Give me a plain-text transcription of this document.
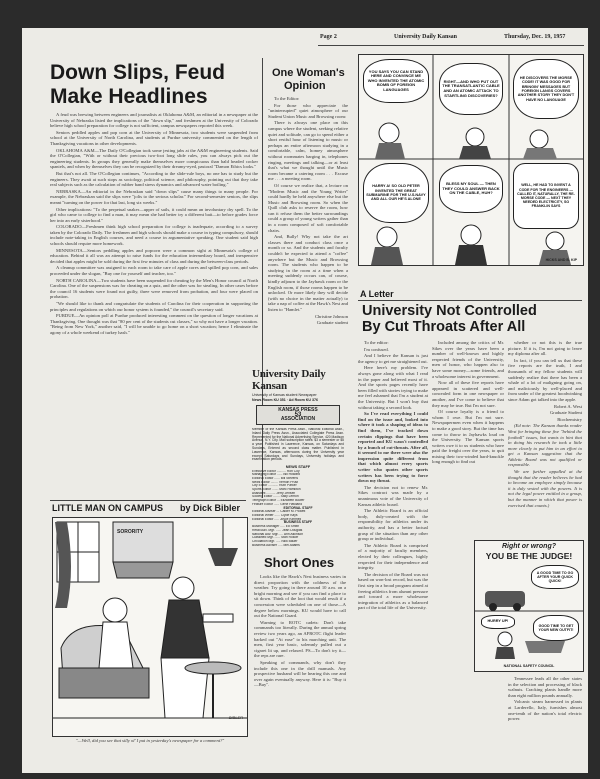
Page 2	University Daily Kansan	Thursday, Dec. 19, 1957
Down Slips, Feud
Make Headlines

A feud was brewing between engineers and journalists at Oklahoma A&M, an editorial in a newspaper at the University of Nebraska listed the implications of the "down slip," and freshmen at the University of Colorado believe high school preparation for college is not sufficient, campus newspapers reported this week.

Seniors peddled apples and pop corn at the University of Minnesota, two students were suspended from school at the University of North Carolina, and students at Purdue university commented on the length of Thanksgiving vacations in other developments.

OKLAHOMA A&M—The Daily O'Collegian took some jesting jabs at the A&M engineering students. Said the O'Collegian, "With or without their precious two-foot long slide rules, you can always pick out the engineering students. In groups they generally make themselves more conspicuous than bald headed cocker spaniels, and when by themselves they can be recognized by their dreamy-eyed, pastoral "Damon Ethics looks."

But that's not all. The O'Collegian continues, "According to the slide-rule boys, no one has to study but the engineers. They await at such stops as sociology, political science, and philosophy, pointing out that they take real subjects such as the calculation of rubber band stress dynamics and advanced water boiling."

NEBRASKA—An editorial in the Nebraskan said "down slips" cause many things to many people. For example, the Nebraskan said the slips were "jolts to the serious scholar." For second-semester seniors, the slips meant "turning on the power for that last, long six weeks."

Other implications: "To the perpetual snaker—upper of sails, it could mean an involuntary dry spell. To the girl who came to college to find a man, it may mean she had better try a different bait—to before grades force her into an early sisterhood."

COLORADO—Freshmen think high school preparation for college is inadequate, according to a survey taken by the Colorado Daily. The freshmen and high schools should make a course in typing compulsory, should include note-taking in English courses, and need a course in argumentative speaking. One student said high schools should require more homework.

MINNESOTA—Seniors peddling apples and popcorn were a common sight at Minnesota's college of education. Behind it all was an attempt to raise funds for the education intermediary board, and inexpensive decided that apples might be sold during the first few minutes of class and during the between-class periods.

A cleanup committee was assigned to each room to take care of apple cores and spilled pop corn, and sales proceeded under the slogan, "Buy one for yourself and teacher, too."

NORTH CAROLINA—Two students have been suspended for cheating by the Men's Honor council at North Carolina. One of the suspensions was for cheating on a quiz, and the other was for stealing. In other cases before the council 16 students were found not guilty, three were removed from probation, and four were placed on probation.

"We should like to thank and congratulate the students of Carolina for their cooperation in supporting the principles and regulations on which our honor system is founded," the council's secretary said.

PURDUE—An opinion poll at Purdue produced interesting comment on the question of longer vacations at Thanksgiving. One thought was that "80 per cent of the students cut classes," so why not have a longer vacation. "Being from New York," another said, "I will be unable to go home on a short vacation; hence I eliminate the agony of a whole weekend of turkey hash."

One Woman's
Opinion

To the Editor:

For those who appreciate the "uninterrupted" quiet atmosphere of our Student Union Music and Browsing room:

There is always one place on this campus where the student, seeking relative quiet and solitude, can go to spend either a short restful hour of listening to music or perhaps an entire afternoon studying in a comfortable, calm, homey atmosphere without roommates barging in, telephones ringing, meetings and talking—or at least that's what we thought until the Music room became a catering room . . . Excuse me . . . a meeting room.

Of course we realize that, a lecture on "Modern Music and the Young Writer" could hardly be held anywhere else but the Music and Browsing room. So when the Quill club asks to reserve the room, how can it refuse them the better surroundings could a group of young writers gather than in a room composed of soft comfortable chairs.

And, Bully! Why not take the art classes there and conduct class once a month or so. And the students and faculty couldn't be expected to attend a "coffee" anywhere but the Music and Browsing room. The students who happen to be studying in the room at a time when a meeting suddenly occurs can, of course, kindly adjourn to the Jayhawk room or the English room, if those rooms happen to be unlocked. Or more likely they will decide (with no choice in the matter actually) to take a nap of coffee at the Hawk's Nest and listen to "Hamlet."

Christine Johnson

Graduate student

University Daily Kansan
University of Kansas student Newspaper
News Room KU 351 · Ad Room KU 376
KANSAS PRESS
53
ASSOCIATION
Member of the Kansas Press Assn., National Editorial Assn., Inland Daily Press Assn., Associated Collegiate Press Assn. Represented for the National Advertising Service, 420 Madison Avenue, N.Y. City. Mail subscription rates: $3 a semester or $5 a year. Published in Lawrence, Kansas, on Saturdays and Sundays, Entered as second class matter. Published in Lawrence, Kansas, afternoons during the University year except Saturdays and Sundays, University holidays and examination periods.
NEWS STAFF
Executive Editor .......... Ron Coy
Managing Editor ...... Bill Howard
Editorial Editor ...... Bill Stevens
News Editor ........ Vernon Prust
City Editor ........... Ruth Parker
Sports Editor ....... Marc Hamilton
Assistant .......... Jerry Jensen
Society Editor ....... Sally Lemon
Telegraph Editor ... Elizabeth Bower
Feature Editor ...... Gene Haviland
EDITORIAL STAFF
Editorial Adviser ... Calder M. Pickett
Editorial Writer ...... Clyde Kays
Editorial Editor ..... Joyce Kimmell
BUSINESS STAFF
Business Manager ..... Ed Smith
Retail Adv. Mgr. ...... Jean Douglas
National Adv. Mgr. .... Ann Atkinson
Classified Mgr. ...... Stan Rokoff
Circulation Mgr. ..... Nick Bauer
Business Adviser ..... Mel Adams
Short Ones

Looks like the Hawk's Nest business varies in direct proportion with the coldness of the weather. Try going in there around 10 a.m. on a bright morning and see if you can find a place to sit down. Think of the loot that would result if a concession were scheduled on one of those—A degree below mornings. KU would have to call out the National Guard.

Warning to ROTC cadets: Don't take commands too literally. During the annual spring review two years ago, an AFROTC flight leader barked out "At ease" to his marching unit. The men, first year basic, solemnly pulled out a cigaret lit up, and relaxed. PS—To don't try it—the reps are rare.

Speaking of commands, why don't they include this one in the drill manuals. Any prospective husband will be hearing this one and over again eventually anyway. Here it is: "Buy it—Buy".

LITTLE MAN ON CAMPUS by Dick Bibler
SORORITY
BIBLER
"—Well, did you see that silly ol' I put in yesterday's newspaper for a comment?"
YOU SAYS YOU CAN STAND HERE AND CONVINCE ME WHO INVENTED THE ATOMIC BOMB OF FOREIGN LANGUAGES
RIGHT—AND WHO PUT OUT THE TRANSATLANTIC CABLE AND AN ATOMIC ATTACK TO STARTLING DISCOVERIES?
HE DISCOVERS THE MORSE CODE! IT WAS GOOD FOR BRINGIN' MESSAGES BUT FOREIGN LANGS COVERS ANOTHER STORY THEY DON'T HAVE NO LANGUAGE
HARRY A! SO OLD PETER INVENTED THE GREAT SUBMARINE FOR THE U.S.NAVY AND ALL OUR HE'S ALONE
BLESS MY SOUL — THEN THEY COULD ANSWER BACK ON THE CABLE, HUH?
WELL, HE HAD TO INVENT A CODE FOR THE ENGINEERS — CALLED IT, NATURALLY, THE RE-MORSE CODE — NEXT THEY NEEDED ELECTRICITY, SO FRANKLIN SAYS
HICKS AND B. KIP
A Letter
University Not Controlled
By Cut Throats After All

To the editor:

I'm confused.

And I believe the Kansan is just the agency to get me straightened out.

Here here's my problem. I've always gone along with what I read in the paper and believed most of it. And the sports pages recently have been filled with stories trying to make me feel ashamed that I'm a student at the University. But I won't buy that without taking a second look.

So I've read everything I could find on the issue and, looked into where it took a shaping of ideas to find them, I've tracked down certain clippings that have been reported and KU wasn't controlled by a bunch of cut-throats. After all, it seemed to me there were also the impression quite different from that which almost every sports writer who quotes other sports writers has been trying to force down my throat.

The decision not to renew Mr. Sikes contract was made by a unanimous vote of the University of Kansas athletic board.

The Athletic Board is an official body, duly-created with the responsibility for athletics under its authority, and has a better factual grasp of the situation than any other group or individual.

The Athletic Board is comprised of a majority of faculty members, elected by their colleagues, highly respected for their independence and integrity.

The decision of the Board was not based on won-lost record, but was the first step in a broad program aimed at freeing athletics from alumni pressure and toward a more wholesome integration of athletics as a balanced part of the total life of the University.

Included among the critics of Mr. Sikes over the years have been a number of well-known and highly respected friends of the University, men of honor, who happen also to have some money—some friends, and a wholesome interest in government.

Now all of these five reports have appeared in scattered and well-concealed form in one newspaper or another, and I've come to believe that they may be true. But I'm not sure.

Of course loyalty is a friend to whom I owe. But I'm not sure. Newspapermen even when it happens to make a good story. But the time has come to throw in Jayhawks loud on the University. The Kansan sports writers owe it to us students who have paid the freight over the years, to quit mixing their two-winded hard-knuckle long enough to find out

whether or not this is the true picture. If it is, I'm not going to leave my diploma after all.

In fact, if you can tell us that these five reports are the truth, I and thousands of my fellow students will suddenly realize that there has been a whale of a lot of maligning going on, and maliciously by well-placed and from under of the greatest hoodwinking since Adam got talked into the apple.

Robert A. West

Graduate Student

Biochemistry

(Ed note: The Kansan thanks reader West for bringing these five "behind the football" issues, but wants to hint that in doing his research he took a little more clearly to put him in an effort to get a Kansan suggestion that the Athletic Board was not qualified or responsible.

We are further appalled at the thought that the reader believes he had to become an employee simply because it is duly vested with the powers. It is not the legal power entitled in a group, but the manner in which that power is exercised that counts.)

Right or wrong?
YOU BE THE JUDGE!
A GOOD TIME TO GO AFTER YOUR QUICK QUICK!
GOOD TIME TO GET YOUR NEW OUTFIT!
HURRY UP!
NATIONAL SAFETY COUNCIL

Tennessee leads all the other states in the selection and processing of black walnuts. Cracking plants handle more than eight million pounds annually.

Volcanic steam harnessed in plants at Larderello, Italy, furnishes almost one-tenth of the nation's total electric power.
